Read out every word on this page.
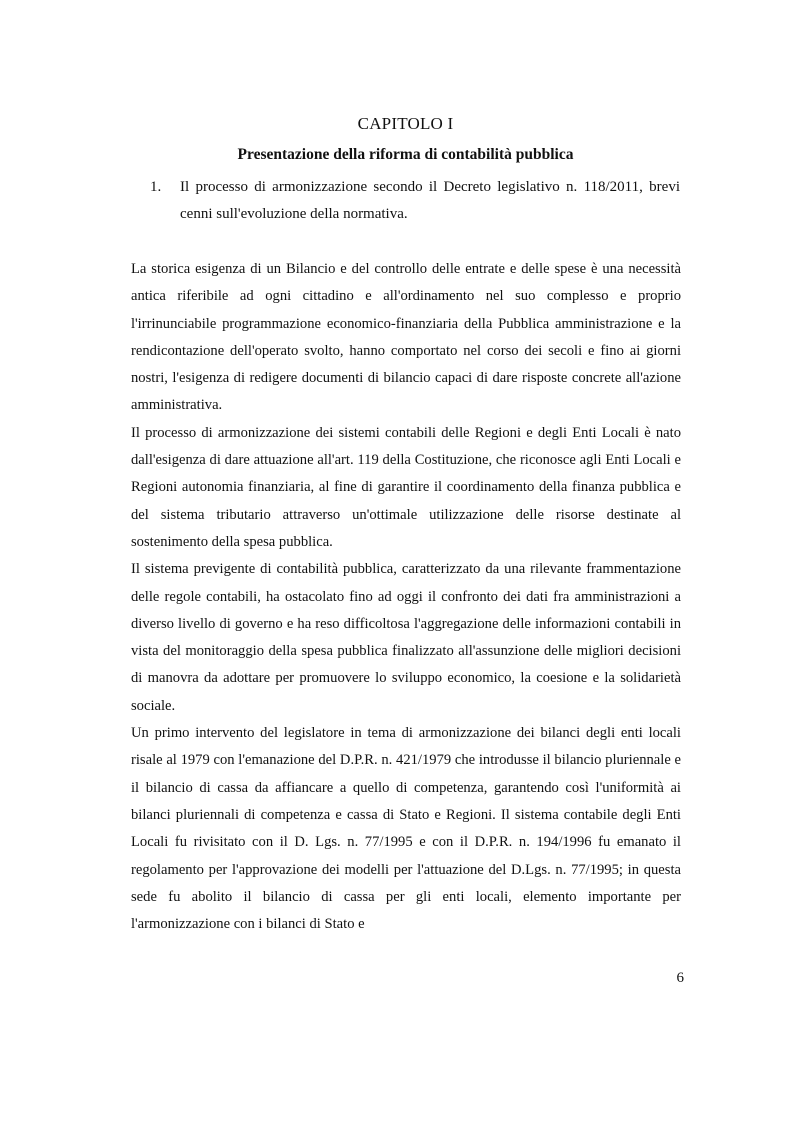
CAPITOLO I
Presentazione della riforma di contabilità pubblica
1. Il processo di armonizzazione secondo il Decreto legislativo n. 118/2011, brevi cenni sull'evoluzione della normativa.

La storica esigenza di un Bilancio e del controllo delle entrate e delle spese è una necessità antica riferibile ad ogni cittadino e all'ordinamento nel suo complesso e proprio l'irrinunciabile programmazione economico-finanziaria della Pubblica amministrazione e la rendicontazione dell'operato svolto, hanno comportato nel corso dei secoli e fino ai giorni nostri, l'esigenza di redigere documenti di bilancio capaci di dare risposte concrete all'azione amministrativa.

Il processo di armonizzazione dei sistemi contabili delle Regioni e degli Enti Locali è nato dall'esigenza di dare attuazione all'art. 119 della Costituzione, che riconosce agli Enti Locali e Regioni autonomia finanziaria, al fine di garantire il coordinamento della finanza pubblica e del sistema tributario attraverso un'ottimale utilizzazione delle risorse destinate al sostenimento della spesa pubblica.

Il sistema previgente di contabilità pubblica, caratterizzato da una rilevante frammentazione delle regole contabili, ha ostacolato fino ad oggi il confronto dei dati fra amministrazioni a diverso livello di governo e ha reso difficoltosa l'aggregazione delle informazioni contabili in vista del monitoraggio della spesa pubblica finalizzato all'assunzione delle migliori decisioni di manovra da adottare per promuovere lo sviluppo economico, la coesione e la solidarietà sociale.

Un primo intervento del legislatore in tema di armonizzazione dei bilanci degli enti locali risale al 1979 con l'emanazione del D.P.R. n. 421/1979 che introdusse il bilancio pluriennale e il bilancio di cassa da affiancare a quello di competenza, garantendo così l'uniformità ai bilanci pluriennali di competenza e cassa di Stato e Regioni. Il sistema contabile degli Enti Locali fu rivisitato con il D. Lgs. n. 77/1995 e con il D.P.R. n. 194/1996 fu emanato il regolamento per l'approvazione dei modelli per l'attuazione del D.Lgs. n. 77/1995; in questa sede fu abolito il bilancio di cassa per gli enti locali, elemento importante per l'armonizzazione con i bilanci di Stato e

6
